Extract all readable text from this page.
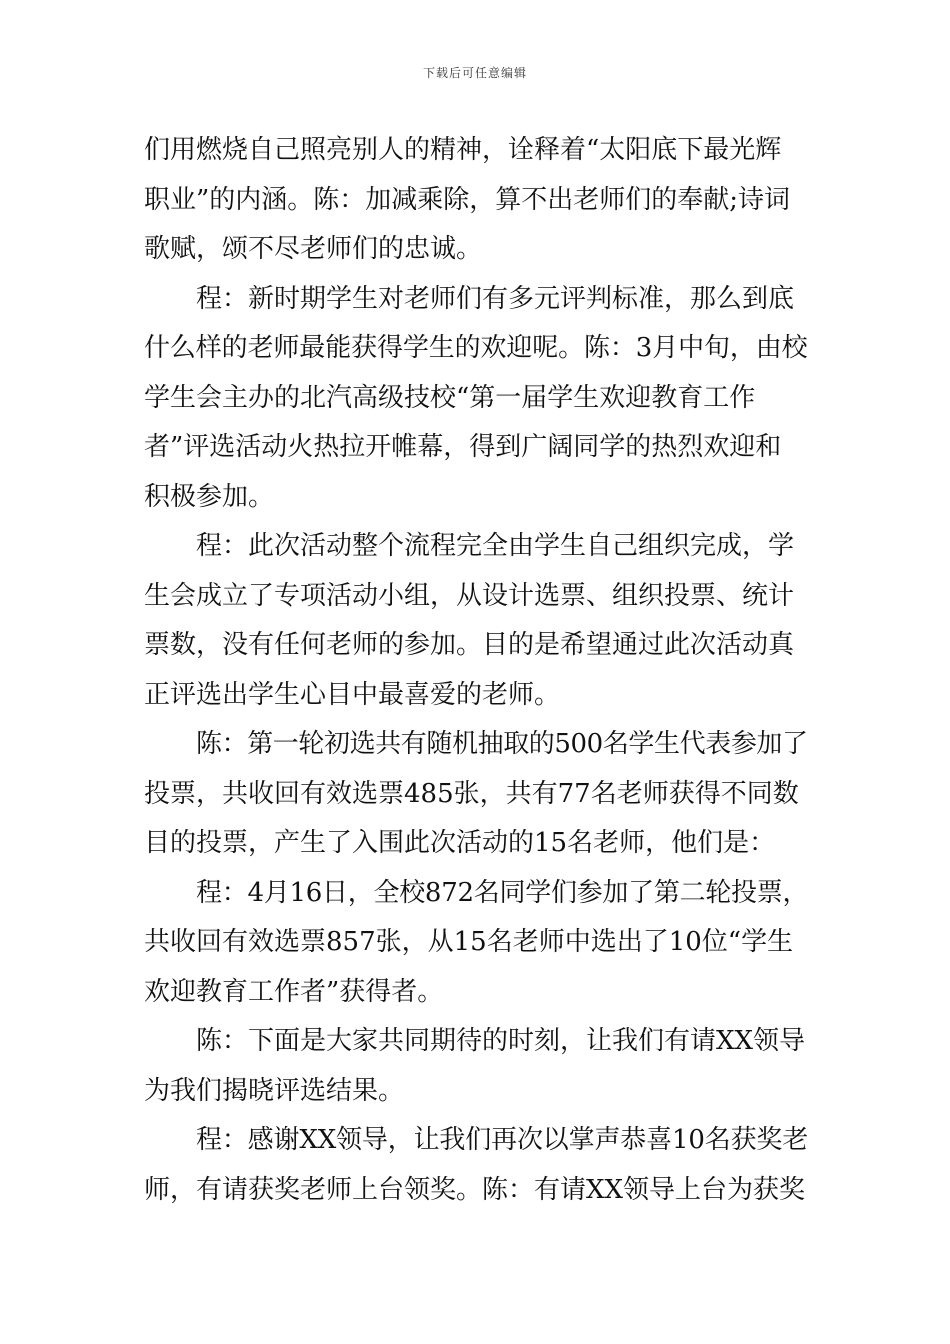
下载后可任意编辑
们用燃烧自己照亮别人的精神，诠释着“太阳底下最光辉
职业”的内涵。陈：加减乘除，算不出老师们的奉献;诗词
歌赋，颂不尽老师们的忠诚。
程：新时期学生对老师们有多元评判标准，那么到底
什么样的老师最能获得学生的欢迎呢。陈：3月中旬，由校
学生会主办的北汽高级技校“第一届学生欢迎教育工作
者”评选活动火热拉开帷幕，得到广阔同学的热烈欢迎和
积极参加。
程：此次活动整个流程完全由学生自己组织完成，学
生会成立了专项活动小组，从设计选票、组织投票、统计
票数，没有任何老师的参加。目的是希望通过此次活动真
正评选出学生心目中最喜爱的老师。
陈：第一轮初选共有随机抽取的500名学生代表参加了
投票，共收回有效选票485张，共有77名老师获得不同数
目的投票，产生了入围此次活动的15名老师，他们是：
程：4月16日，全校872名同学们参加了第二轮投票，
共收回有效选票857张，从15名老师中选出了10位“学生
欢迎教育工作者”获得者。
陈：下面是大家共同期待的时刻，让我们有请XX领导
为我们揭晓评选结果。
程：感谢XX领导，让我们再次以掌声恭喜10名获奖老
师，有请获奖老师上台领奖。陈：有请XX领导上台为获奖
